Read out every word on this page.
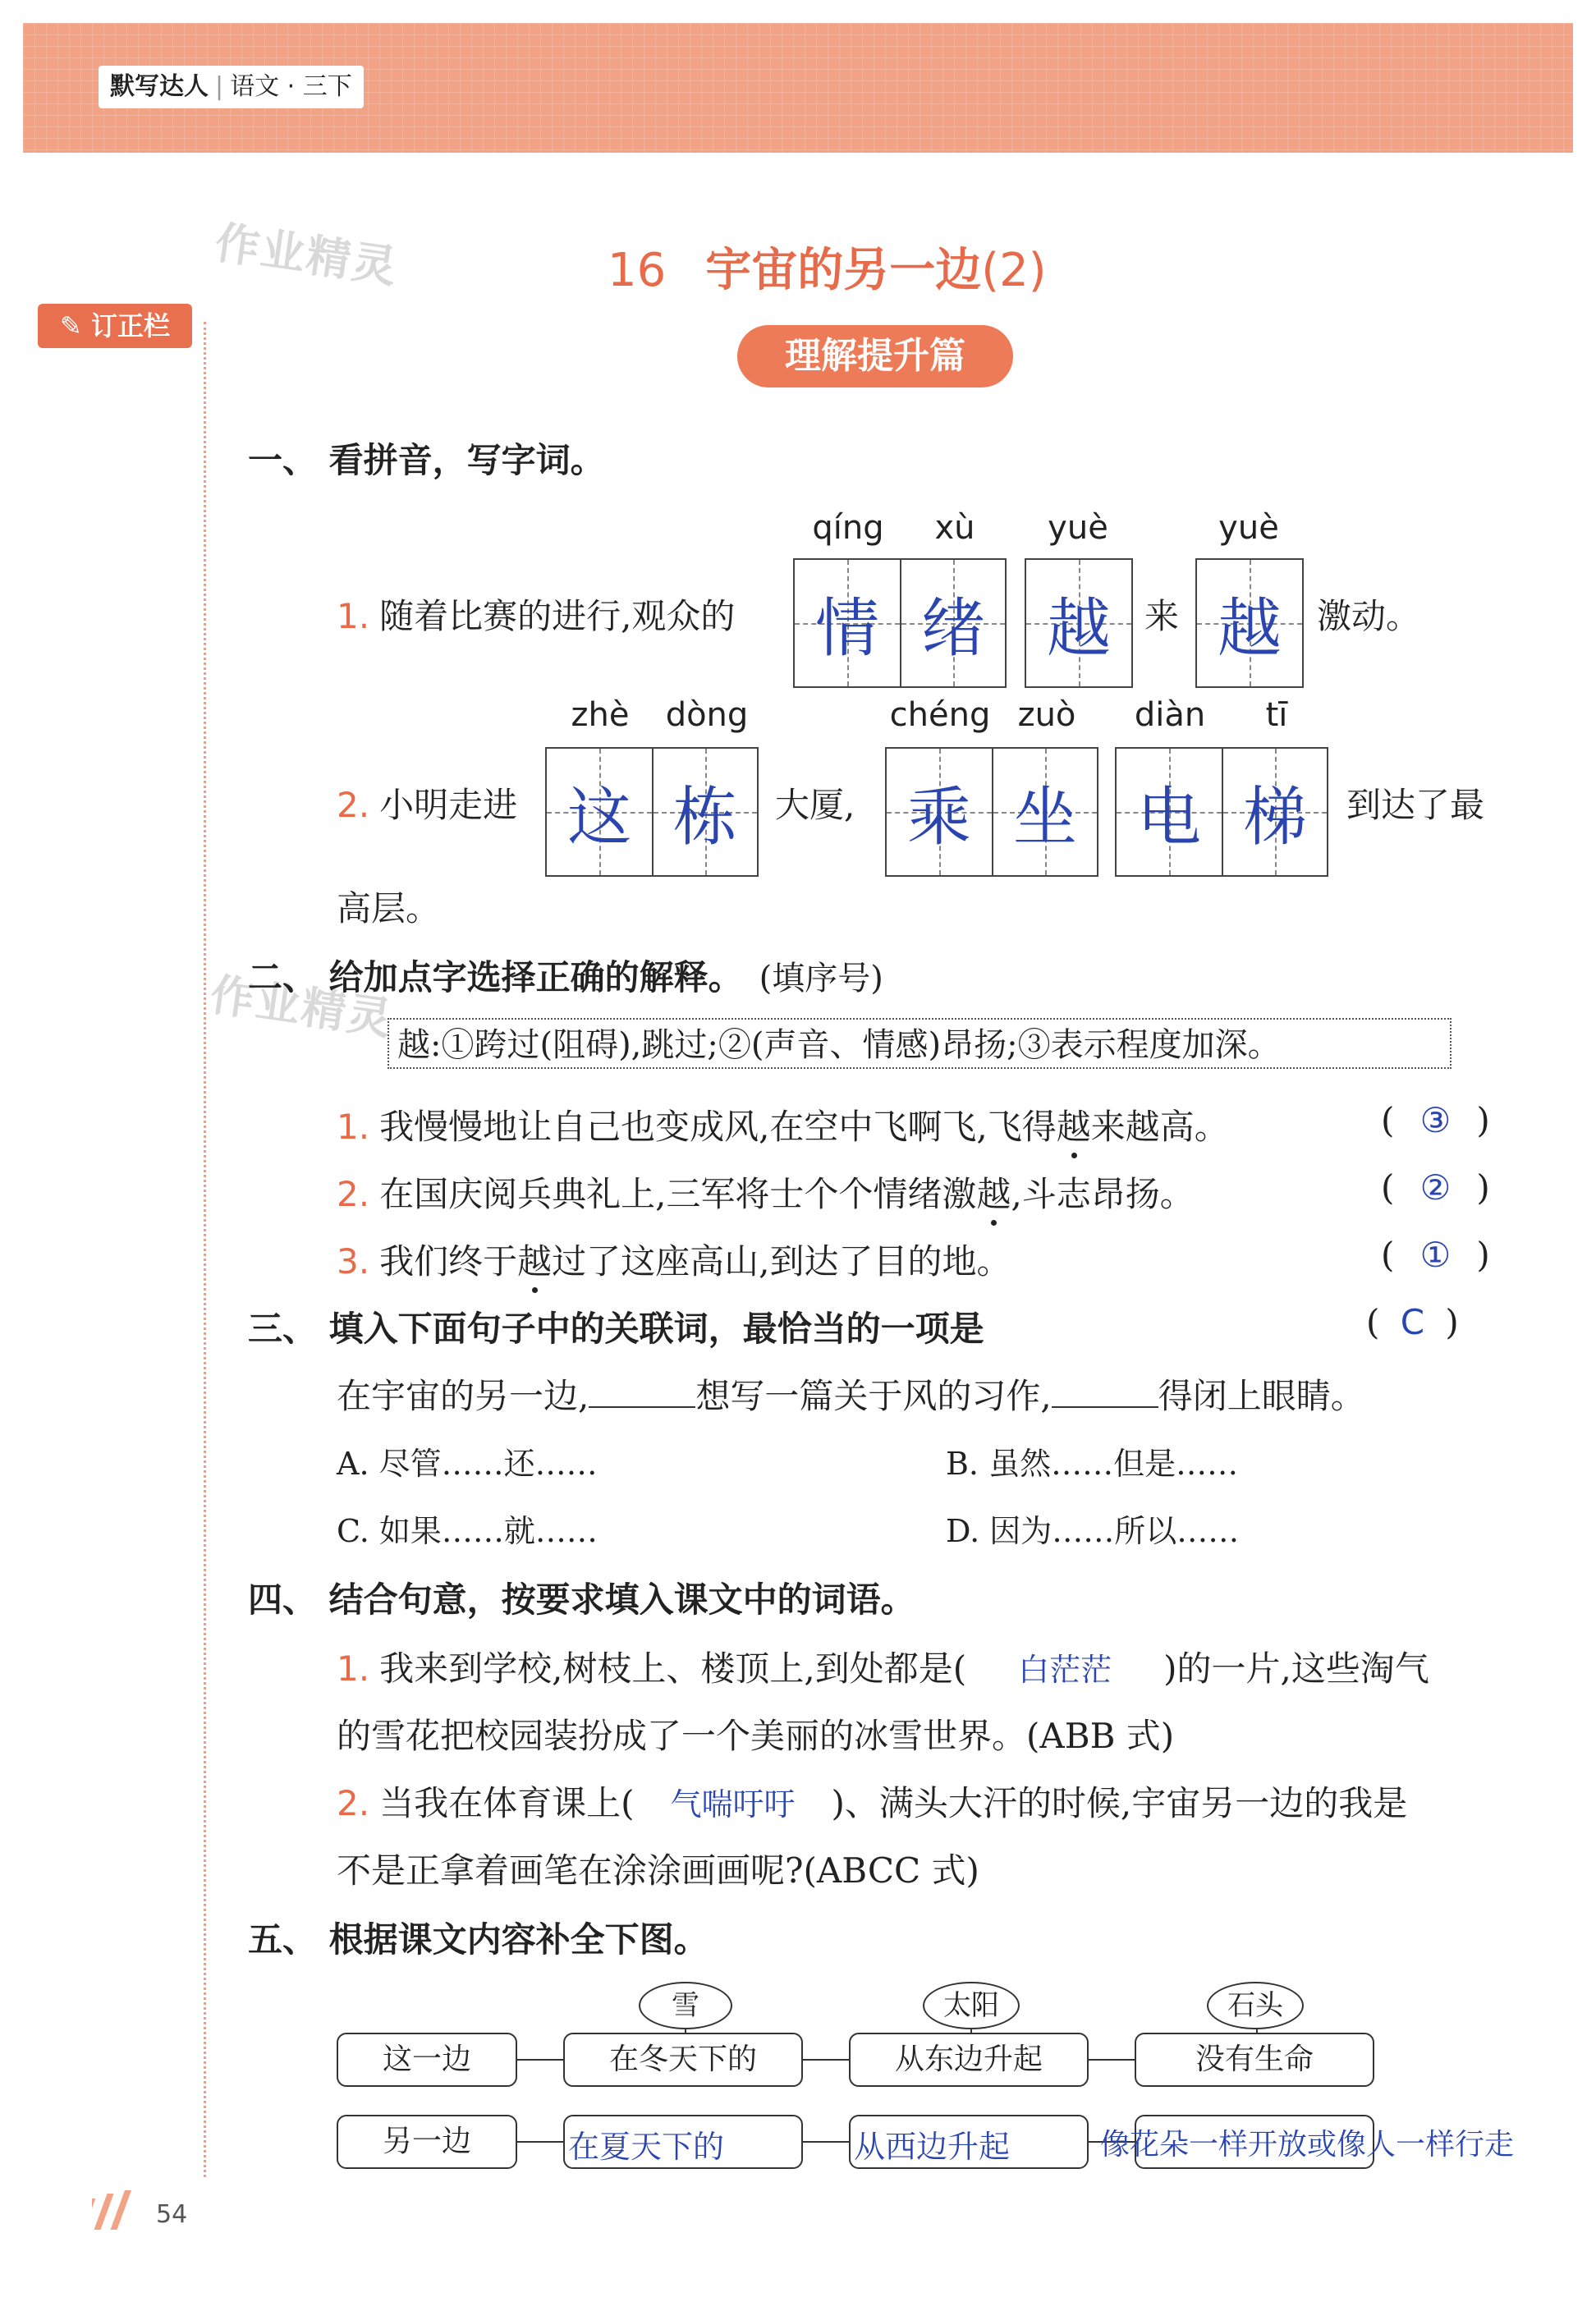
默写达人 | 语文 · 三下
作业精灵
作业精灵
✎ 订正栏
16 宇宙的另一边(2)
理解提升篇
一、 看拼音，写字词。
qíng	xù	yuè	yuè
1. 随着比赛的进行,观众的	情 绪 越 来 越	激动。
zhè	dòng	chéng zuò	diàn	tī
2. 小明走进 这 栋	大厦, 乘 坐 电 梯	到达了最
高层。
二、 给加点字选择正确的解释。 (填序号)
越:①跨过(阻碍),跳过;②(声音、情感)昂扬;③表示程度加深。
1. 我慢慢地让自己也变成风,在空中飞啊飞,飞得越来越高。	( ③ )
2. 在国庆阅兵典礼上,三军将士个个情绪激越,斗志昂扬。	( ② )
3. 我们终于越过了这座高山,到达了目的地。	( ① )
三、 填入下面句子中的关联词，最恰当的一项是	( C )
在宇宙的另一边,	想写一篇关于风的习作,	得闭上眼睛。
A. 尽管……还……	B. 虽然……但是……
C. 如果……就……	D. 因为……所以……
四、 结合句意，按要求填入课文中的词语。
1. 我来到学校,树枝上、楼顶上,到处都是( 白茫茫 )的一片,这些淘气
的雪花把校园装扮成了一个美丽的冰雪世界。(ABB 式)
2. 当我在体育课上( 气喘吁吁 )、满头大汗的时候,宇宙另一边的我是
不是正拿着画笔在涂涂画画呢?(ABCC 式)
五、 根据课文内容补全下图。
雪	太阳	石头
这一边	在冬天下的	从东边升起	没有生命
另一边	在夏天下的	从西边升起	像花朵一样开放或像人一样行走
54
